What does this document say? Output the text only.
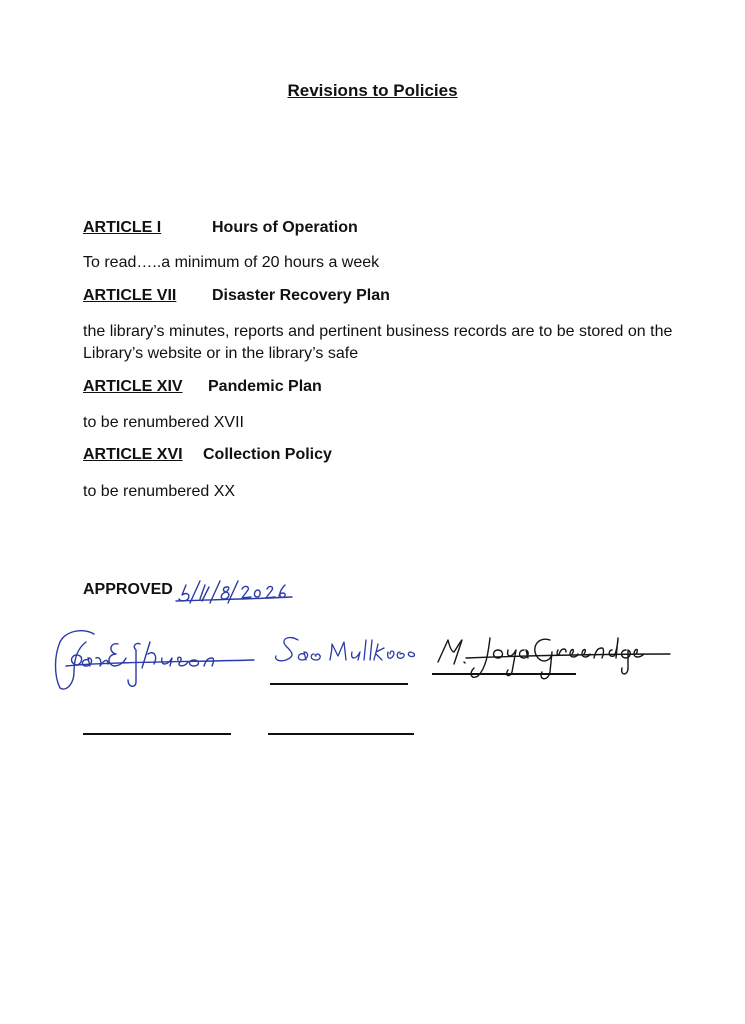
Revisions to Policies
ARTICLE I	Hours of Operation
To read…..a minimum of 20 hours a week
ARTICLE VII Disaster Recovery Plan
the library’s minutes, reports and pertinent business records are to be stored on the Library’s website or in the library’s safe
ARTICLE XIV Pandemic Plan
to be renumbered XVII
ARTICLE XVI Collection Policy
to be renumbered XX
APPROVED
